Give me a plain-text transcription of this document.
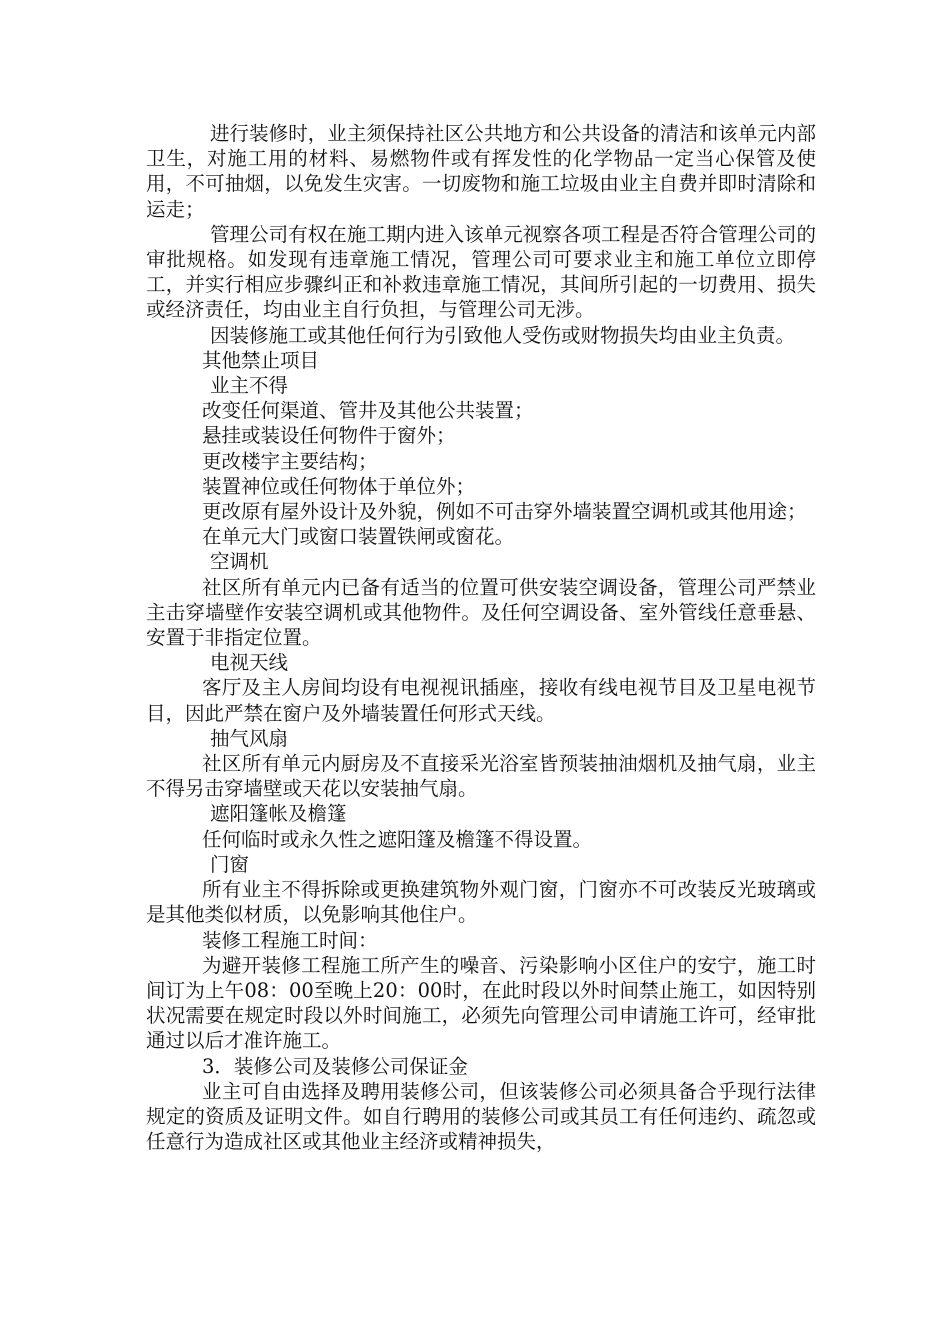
进行装修时，业主须保持社区公共地方和公共设备的清洁和该单元内部卫生，对施工用的材料、易燃物件或有挥发性的化学物品一定当心保管及使用，不可抽烟，以免发生灾害。一切废物和施工垃圾由业主自费并即时清除和运走；

管理公司有权在施工期内进入该单元视察各项工程是否符合管理公司的审批规格。如发现有违章施工情况，管理公司可要求业主和施工单位立即停工，并实行相应步骤纠正和补救违章施工情况，其间所引起的一切费用、损失或经济责任，均由业主自行负担，与管理公司无涉。

因装修施工或其他任何行为引致他人受伤或财物损失均由业主负责。

其他禁止项目

业主不得

改变任何渠道、管井及其他公共装置；

悬挂或装设任何物件于窗外；

更改楼宇主要结构；

装置神位或任何物体于单位外；

更改原有屋外设计及外貌，例如不可击穿外墙装置空调机或其他用途；

在单元大门或窗口装置铁闸或窗花。

空调机

社区所有单元内已备有适当的位置可供安装空调设备，管理公司严禁业主击穿墙壁作安装空调机或其他物件。及任何空调设备、室外管线任意垂悬、安置于非指定位置。

电视天线

客厅及主人房间均设有电视视讯插座，接收有线电视节目及卫星电视节目，因此严禁在窗户及外墙装置任何形式天线。

抽气风扇

社区所有单元内厨房及不直接采光浴室皆预装抽油烟机及抽气扇，业主不得另击穿墙壁或天花以安装抽气扇。

遮阳篷帐及檐篷

任何临时或永久性之遮阳篷及檐篷不得设置。

门窗

所有业主不得拆除或更换建筑物外观门窗，门窗亦不可改装反光玻璃或是其他类似材质，以免影响其他住户。

装修工程施工时间：

为避开装修工程施工所产生的噪音、污染影响小区住户的安宁，施工时间订为上午08：00至晚上20：00时，在此时段以外时间禁止施工，如因特别状况需要在规定时段以外时间施工，必须先向管理公司申请施工许可，经审批通过以后才准许施工。

3．装修公司及装修公司保证金

业主可自由选择及聘用装修公司，但该装修公司必须具备合乎现行法律规定的资质及证明文件。如自行聘用的装修公司或其员工有任何违约、疏忽或任意行为造成社区或其他业主经济或精神损失，
